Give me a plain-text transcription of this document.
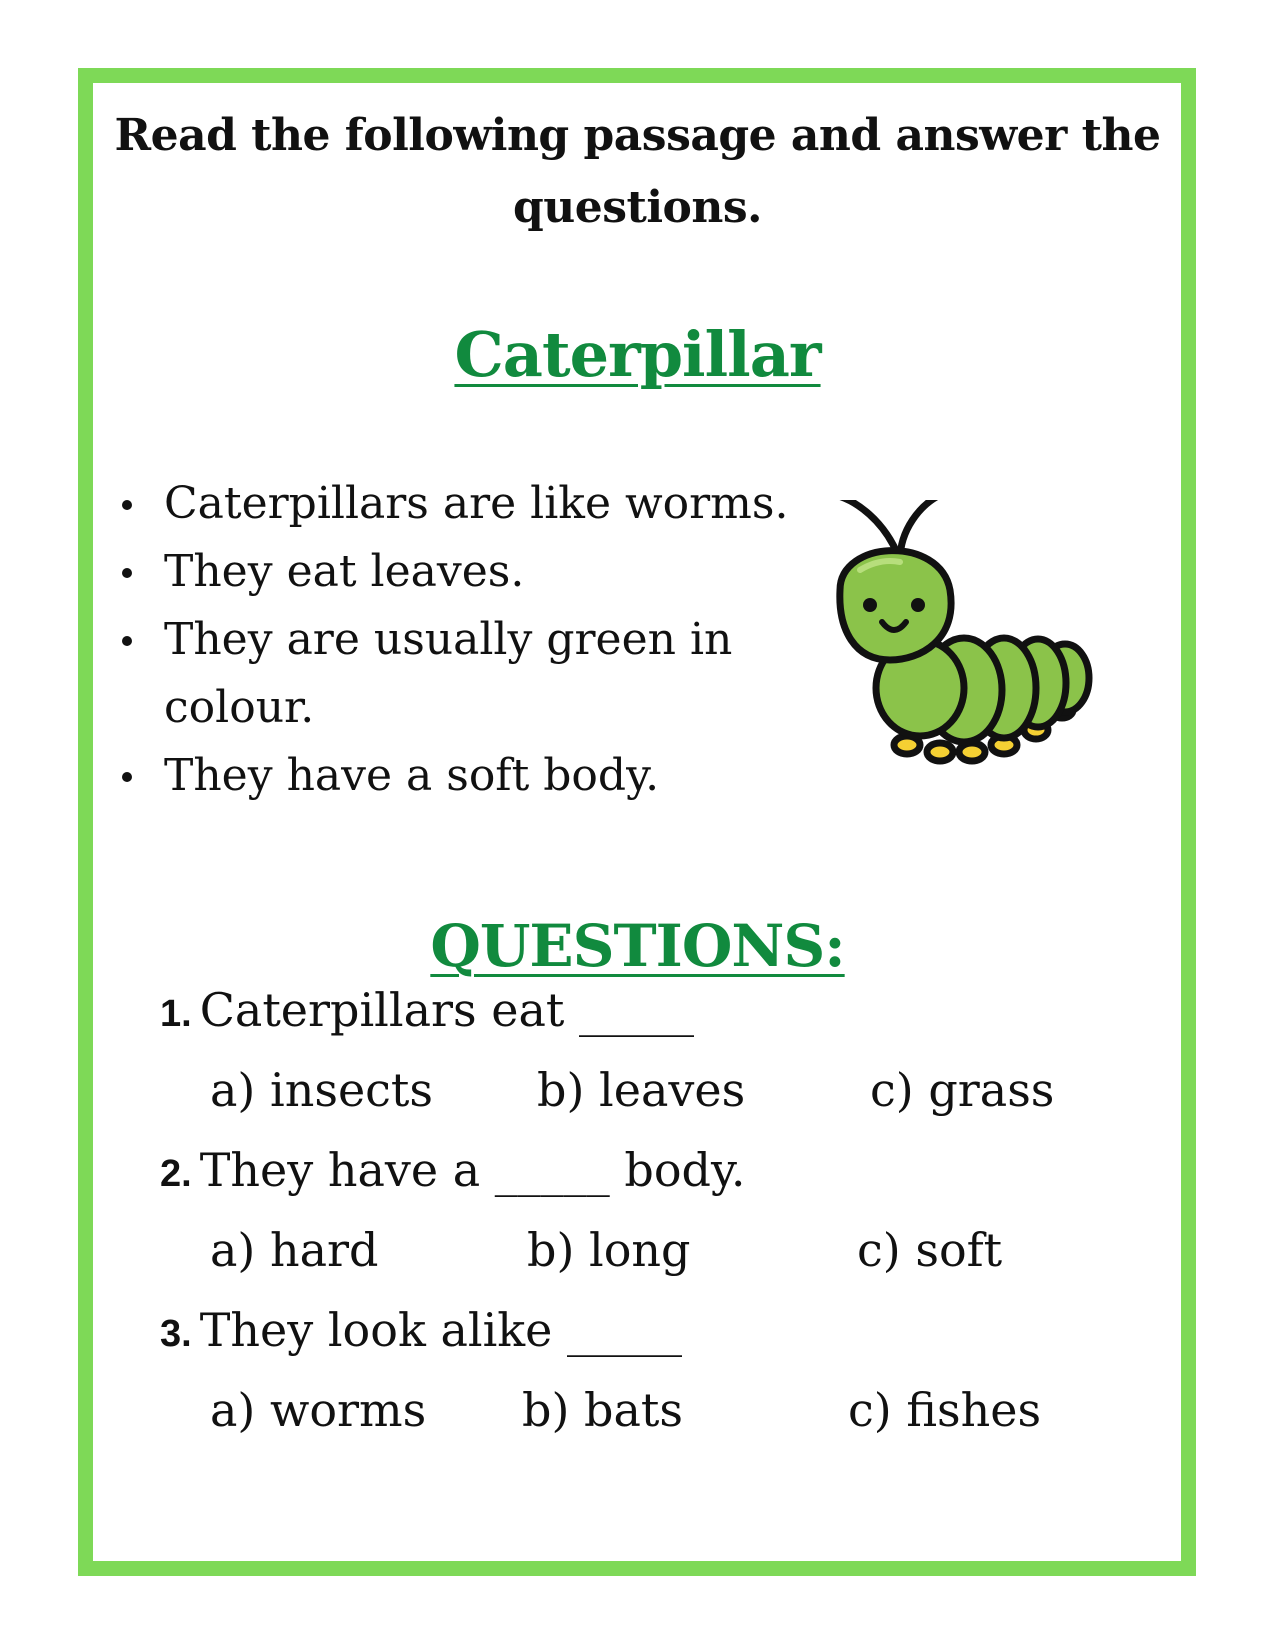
Read the following passage and answer the questions.
Caterpillar
Caterpillars are like worms.
They eat leaves.
They are usually green in colour.
They have a soft body.
QUESTIONS:
1. Caterpillars eat _____
a) insects b) leaves	c) grass
2. They have a _____ body.
a) hard	b) long	c) soft
3. They look alike _____
a) worms b) bats	c) fishes
